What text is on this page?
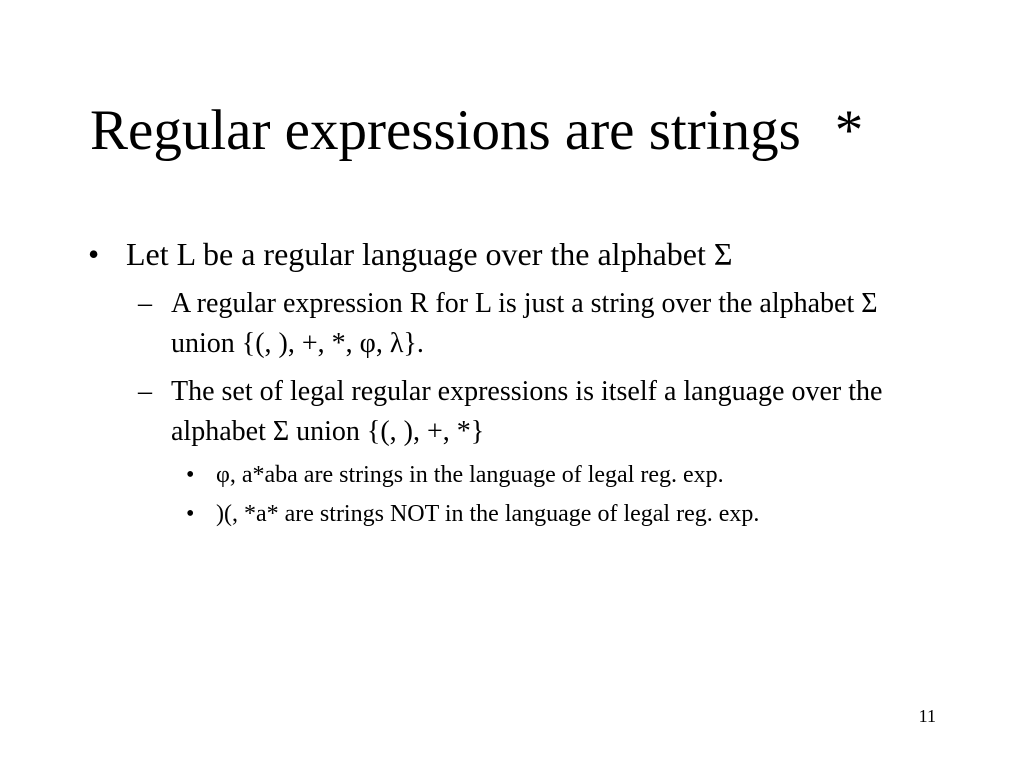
Regular expressions are strings *
• Let L be a regular language over the alphabet Σ
– A regular expression R for L is just a string over the alphabet Σ union {(, ), +, *, φ, λ}.
– The set of legal regular expressions is itself a language over the alphabet Σ union {(, ), +, *}
• φ, a*aba are strings in the language of legal reg. exp.
• )(, *a* are strings NOT in the language of legal reg. exp.
11
